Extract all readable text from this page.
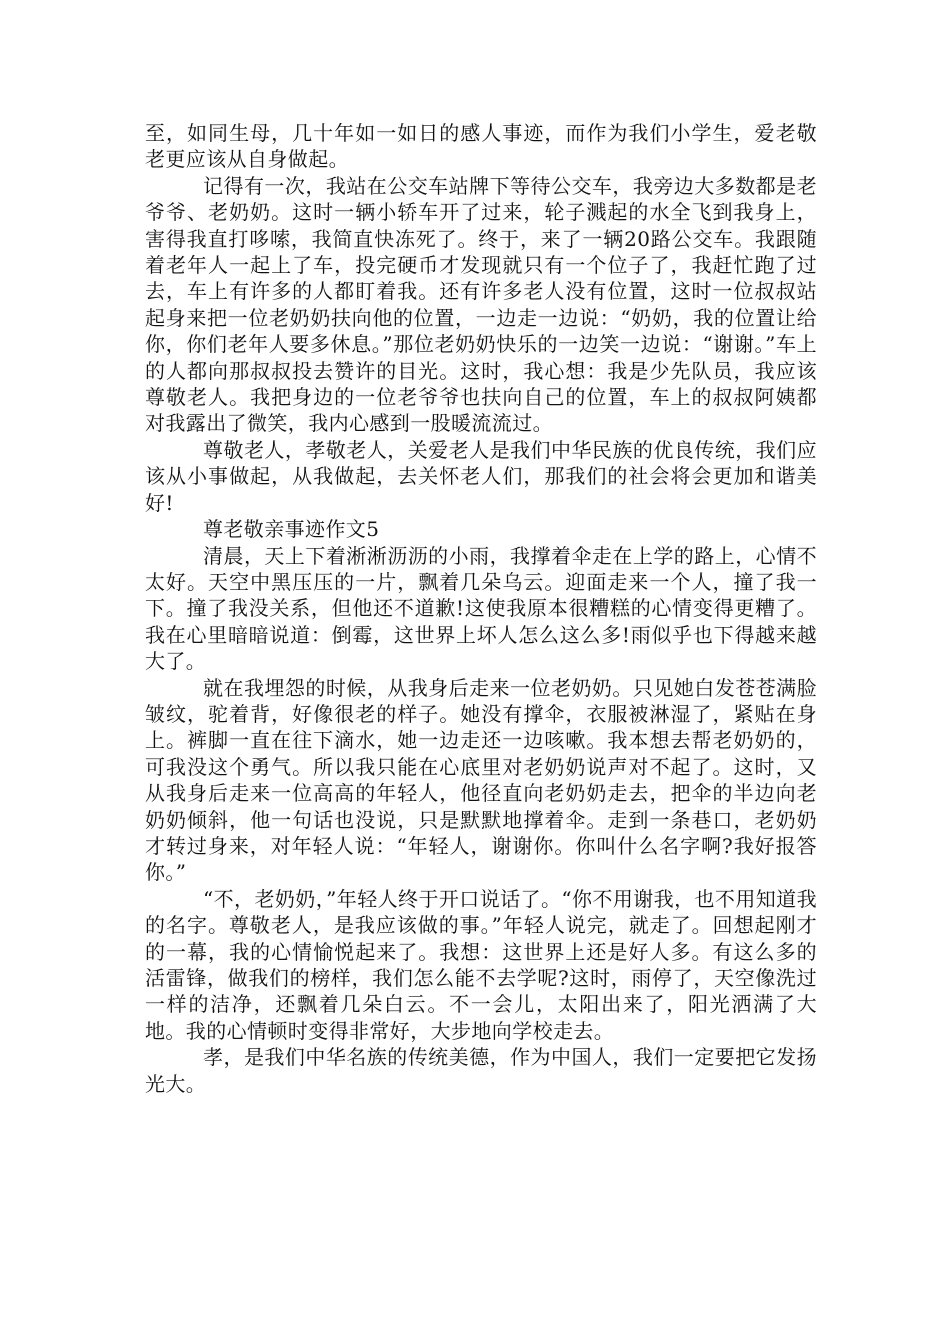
至，如同生母，几十年如一如日的感人事迹，而作为我们小学生，爱老敬老更应该从自身做起。

记得有一次，我站在公交车站牌下等待公交车，我旁边大多数都是老爷爷、老奶奶。这时一辆小轿车开了过来，轮子溅起的水全飞到我身上，害得我直打哆嗦，我简直快冻死了。终于，来了一辆20路公交车。我跟随着老年人一起上了车，投完硬币才发现就只有一个位子了，我赶忙跑了过去，车上有许多的人都盯着我。还有许多老人没有位置，这时一位叔叔站起身来把一位老奶奶扶向他的位置，一边走一边说：“奶奶，我的位置让给你，你们老年人要多休息。”那位老奶奶快乐的一边笑一边说：“谢谢。”车上的人都向那叔叔投去赞许的目光。这时，我心想：我是少先队员，我应该尊敬老人。我把身边的一位老爷爷也扶向自己的位置，车上的叔叔阿姨都对我露出了微笑，我内心感到一股暖流流过。

尊敬老人，孝敬老人，关爱老人是我们中华民族的优良传统，我们应该从小事做起，从我做起，去关怀老人们，那我们的社会将会更加和谐美好!

尊老敬亲事迹作文5

清晨，天上下着淅淅沥沥的小雨，我撑着伞走在上学的路上，心情不太好。天空中黑压压的一片，飘着几朵乌云。迎面走来一个人，撞了我一下。撞了我没关系，但他还不道歉!这使我原本很糟糕的心情变得更糟了。我在心里暗暗说道：倒霉，这世界上坏人怎么这么多!雨似乎也下得越来越大了。

就在我埋怨的时候，从我身后走来一位老奶奶。只见她白发苍苍满脸皱纹，驼着背，好像很老的样子。她没有撑伞，衣服被淋湿了，紧贴在身上。裤脚一直在往下滴水，她一边走还一边咳嗽。我本想去帮老奶奶的，可我没这个勇气。所以我只能在心底里对老奶奶说声对不起了。这时，又从我身后走来一位高高的年轻人，他径直向老奶奶走去，把伞的半边向老奶奶倾斜，他一句话也没说，只是默默地撑着伞。走到一条巷口，老奶奶才转过身来，对年轻人说：“年轻人，谢谢你。你叫什么名字啊?我好报答你。”

“不，老奶奶，”年轻人终于开口说话了。“你不用谢我，也不用知道我的名字。尊敬老人，是我应该做的事。”年轻人说完，就走了。回想起刚才的一幕，我的心情愉悦起来了。我想：这世界上还是好人多。有这么多的活雷锋，做我们的榜样，我们怎么能不去学呢?这时，雨停了，天空像洗过一样的洁净，还飘着几朵白云。不一会儿，太阳出来了，阳光洒满了大地。我的心情顿时变得非常好，大步地向学校走去。

孝，是我们中华名族的传统美德，作为中国人，我们一定要把它发扬光大。
